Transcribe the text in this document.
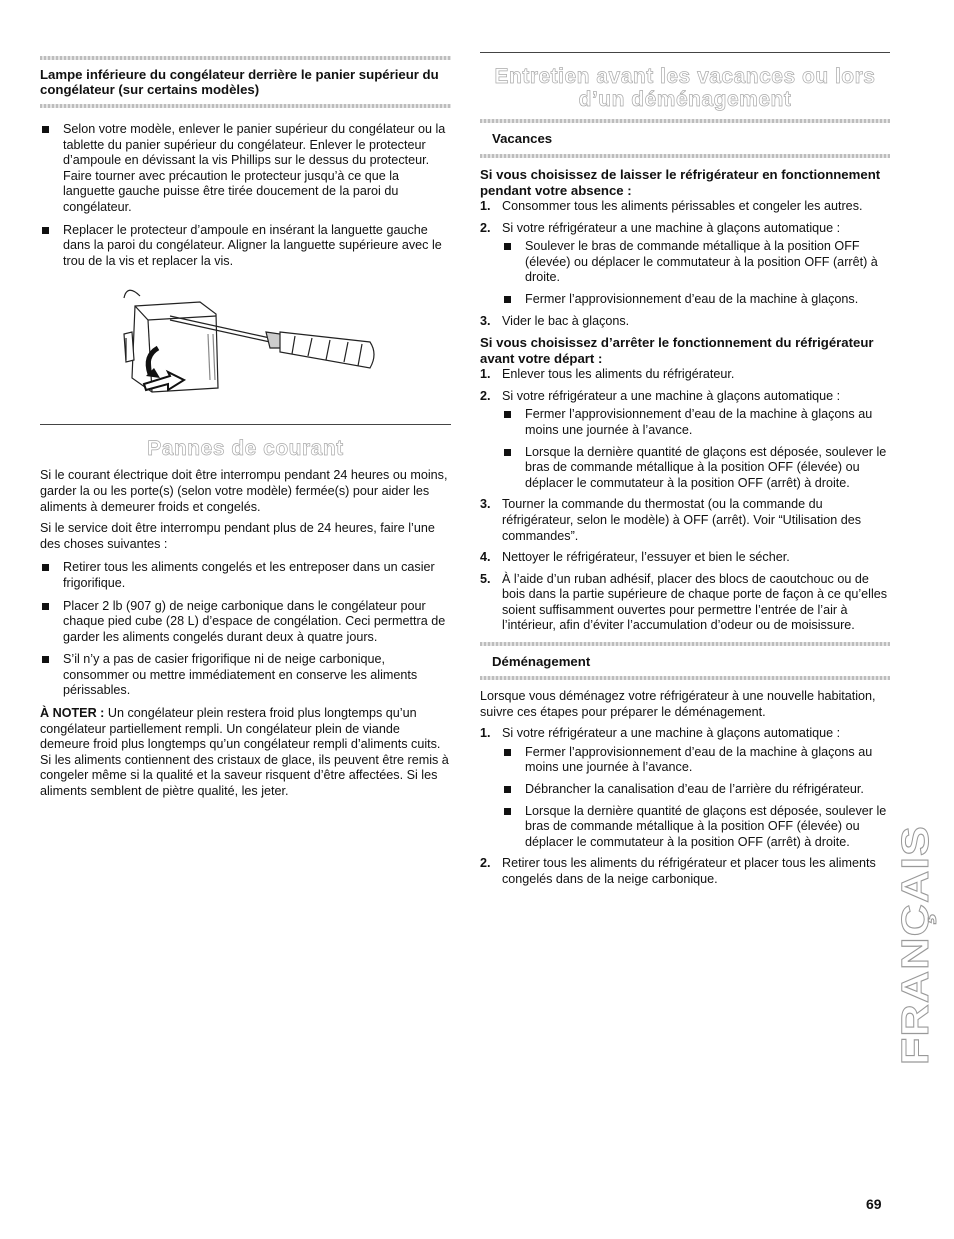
Lampe inférieure du congélateur derrière le panier supérieur du congélateur (sur certains modèles)
Selon votre modèle, enlever le panier supérieur du congélateur ou la tablette du panier supérieur du congélateur. Enlever le protecteur d’ampoule en dévissant la vis Phillips sur le dessus du protecteur. Faire tourner avec précaution le protecteur jusqu’à ce que la languette gauche puisse être tirée doucement de la paroi du congélateur.
Replacer le protecteur d’ampoule en insérant la languette gauche dans la paroi du congélateur. Aligner la languette supérieure avec le trou de la vis et replacer la vis.
Pannes de courant

Si le courant électrique doit être interrompu pendant 24 heures ou moins, garder la ou les porte(s) (selon votre modèle) fermée(s) pour aider les aliments à demeurer froids et congelés.

Si le service doit être interrompu pendant plus de 24 heures, faire l’une des choses suivantes :

Retirer tous les aliments congelés et les entreposer dans un casier frigorifique.
Placer 2 lb (907 g) de neige carbonique dans le congélateur pour chaque pied cube (28 L) d’espace de congélation. Ceci permettra de garder les aliments congelés durant deux à quatre jours.
S’il n’y a pas de casier frigorifique ni de neige carbonique, consommer ou mettre immédiatement en conserve les aliments périssables.

À NOTER : Un congélateur plein restera froid plus longtemps qu’un congélateur partiellement rempli. Un congélateur plein de viande demeure froid plus longtemps qu’un congélateur rempli d’aliments cuits. Si les aliments contiennent des cristaux de glace, ils peuvent être remis à congeler même si la qualité et la saveur risquent d’être affectées. Si les aliments semblent de piètre qualité, les jeter.

Entretien avant les vacances ou lors
d’un déménagement
Vacances
Si vous choisissez de laisser le réfrigérateur en fonctionnement pendant votre absence :
1. Consommer tous les aliments périssables et congeler les autres.
2. Si votre réfrigérateur a une machine à glaçons automatique :
Soulever le bras de commande métallique à la position OFF (élevée) ou déplacer le commutateur à la position OFF (arrêt) à droite.
Fermer l’approvisionnement d’eau de la machine à glaçons.
3. Vider le bac à glaçons.
Si vous choisissez d’arrêter le fonctionnement du réfrigérateur avant votre départ :
1. Enlever tous les aliments du réfrigérateur.
2. Si votre réfrigérateur a une machine à glaçons automatique :
Fermer l’approvisionnement d’eau de la machine à glaçons au moins une journée à l’avance.
Lorsque la dernière quantité de glaçons est déposée, soulever le bras de commande métallique à la position OFF (élevée) ou déplacer le commutateur à la position OFF (arrêt) à droite.
3. Tourner la commande du thermostat (ou la commande du réfrigérateur, selon le modèle) à OFF (arrêt). Voir “Utilisation des commandes”.
4. Nettoyer le réfrigérateur, l’essuyer et bien le sécher.
5. À l’aide d’un ruban adhésif, placer des blocs de caoutchouc ou de bois dans la partie supérieure de chaque porte de façon à ce qu’elles soient suffisamment ouvertes pour permettre l’entrée de l’air à l’intérieur, afin d’éviter l’accumulation d’odeur ou de moisissure.
Déménagement

Lorsque vous déménagez votre réfrigérateur à une nouvelle habitation, suivre ces étapes pour préparer le déménagement.

1. Si votre réfrigérateur a une machine à glaçons automatique :
Fermer l’approvisionnement d’eau de la machine à glaçons au moins une journée à l’avance.
Débrancher la canalisation d’eau de l’arrière du réfrigérateur.
Lorsque la dernière quantité de glaçons est déposée, soulever le bras de commande métallique à la position OFF (élevée) ou déplacer le commutateur à la position OFF (arrêt) à droite.
2. Retirer tous les aliments du réfrigérateur et placer tous les aliments congelés dans de la neige carbonique.	FRANÇAIS
69
